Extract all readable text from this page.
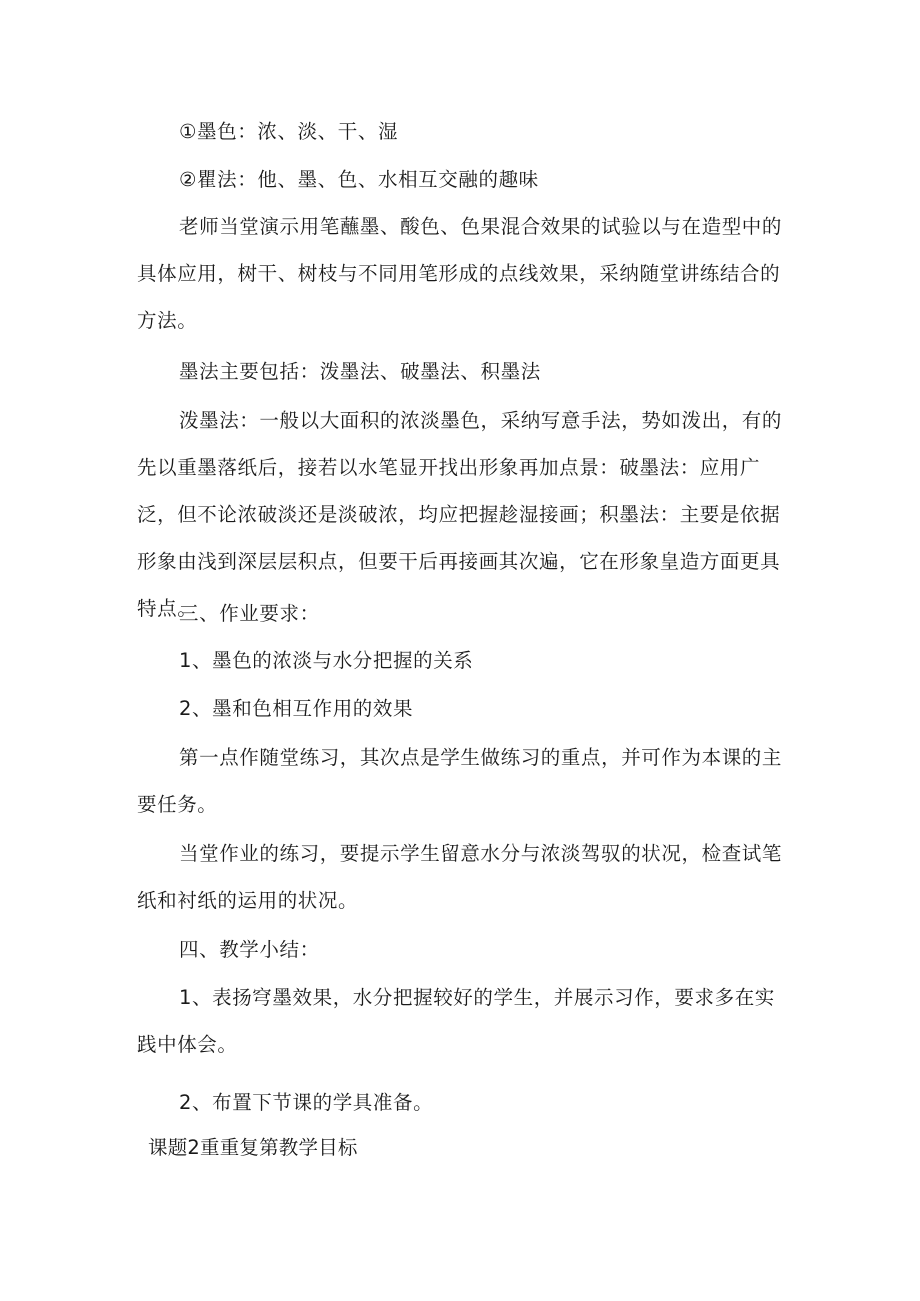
①墨色：浓、淡、干、湿

②瞿法：他、墨、色、水相互交融的趣味

老师当堂演示用笔蘸墨、酸色、色果混合效果的试验以与在造型中的具体应用，树干、树枝与不同用笔形成的点线效果，采纳随堂讲练结合的方法。

墨法主要包括：泼墨法、破墨法、积墨法

泼墨法：一般以大面积的浓淡墨色，采纳写意手法，势如泼出，有的先以重墨落纸后，接若以水笔显开找出形象再加点景：破墨法：应用广泛，但不论浓破淡还是淡破浓，均应把握趁湿接画；积墨法：主要是依据形象由浅到深层层积点，但要干后再接画其次遍，它在形象皇造方面更具特点。

三、作业要求：

1、墨色的浓淡与水分把握的关系

2、墨和色相互作用的效果

第一点作随堂练习，其次点是学生做练习的重点，并可作为本课的主要任务。

当堂作业的练习，要提示学生留意水分与浓淡驾驭的状况，检查试笔纸和衬纸的运用的状况。

四、教学小结：

1、表扬穹墨效果，水分把握较好的学生，并展示习作，要求多在实践中体会。

2、布置下节课的学具准备。

课题2重重复第教学目标
